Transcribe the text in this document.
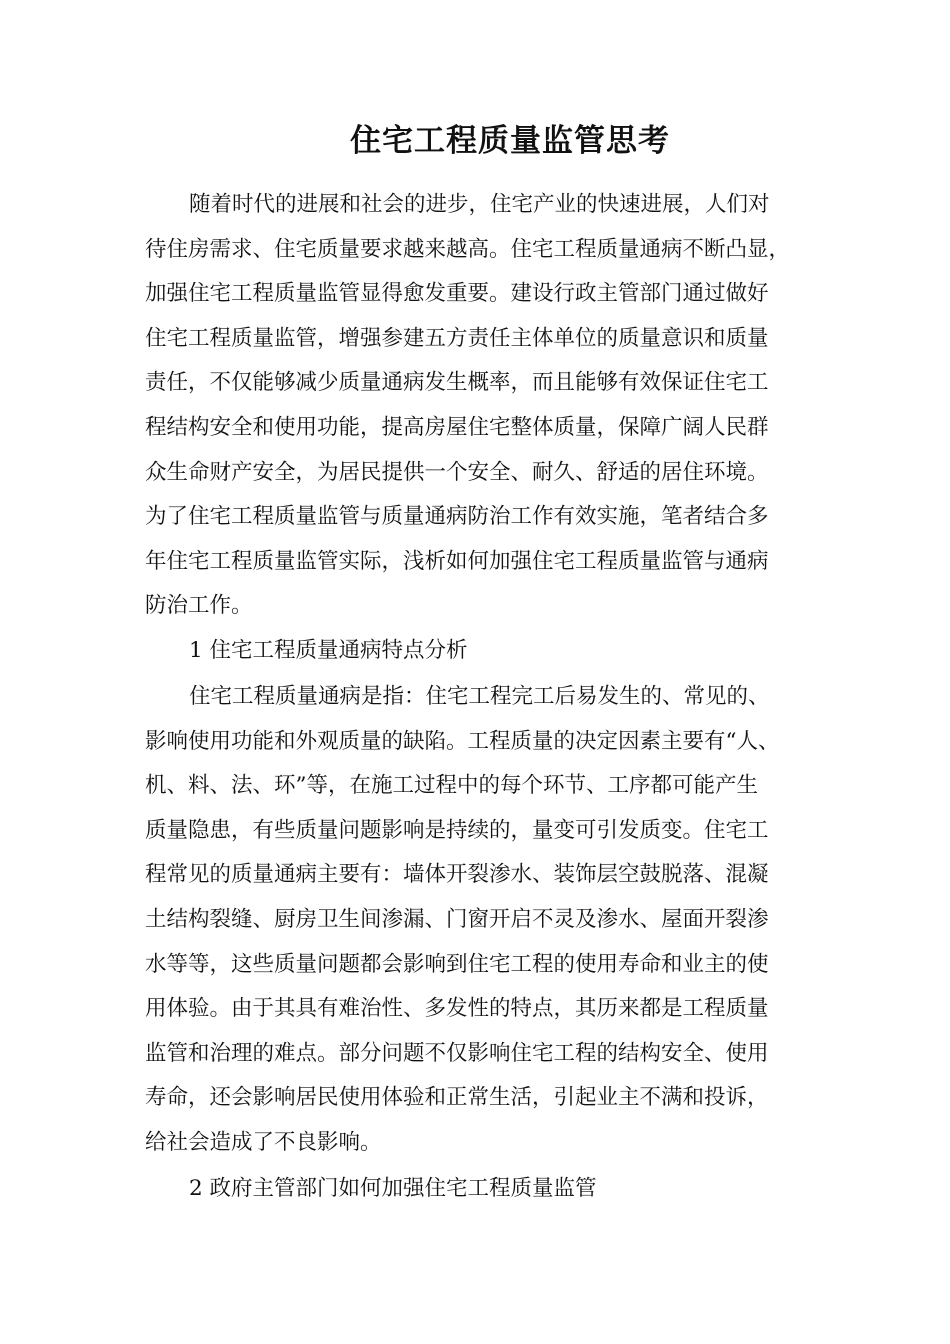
住宅工程质量监管思考
随着时代的进展和社会的进步，住宅产业的快速进展，人们对
待住房需求、住宅质量要求越来越高。住宅工程质量通病不断凸显，
加强住宅工程质量监管显得愈发重要。建设行政主管部门通过做好
住宅工程质量监管，增强参建五方责任主体单位的质量意识和质量
责任，不仅能够减少质量通病发生概率，而且能够有效保证住宅工
程结构安全和使用功能，提高房屋住宅整体质量，保障广阔人民群
众生命财产安全，为居民提供一个安全、耐久、舒适的居住环境。
为了住宅工程质量监管与质量通病防治工作有效实施，笔者结合多
年住宅工程质量监管实际，浅析如何加强住宅工程质量监管与通病
防治工作。
1 住宅工程质量通病特点分析
住宅工程质量通病是指：住宅工程完工后易发生的、常见的、
影响使用功能和外观质量的缺陷。工程质量的决定因素主要有“人、
机、料、法、环”等，在施工过程中的每个环节、工序都可能产生
质量隐患，有些质量问题影响是持续的，量变可引发质变。住宅工
程常见的质量通病主要有：墙体开裂渗水、装饰层空鼓脱落、混凝
土结构裂缝、厨房卫生间渗漏、门窗开启不灵及渗水、屋面开裂渗
水等等，这些质量问题都会影响到住宅工程的使用寿命和业主的使
用体验。由于其具有难治性、多发性的特点，其历来都是工程质量
监管和治理的难点。部分问题不仅影响住宅工程的结构安全、使用
寿命，还会影响居民使用体验和正常生活，引起业主不满和投诉，
给社会造成了不良影响。
2 政府主管部门如何加强住宅工程质量监管
